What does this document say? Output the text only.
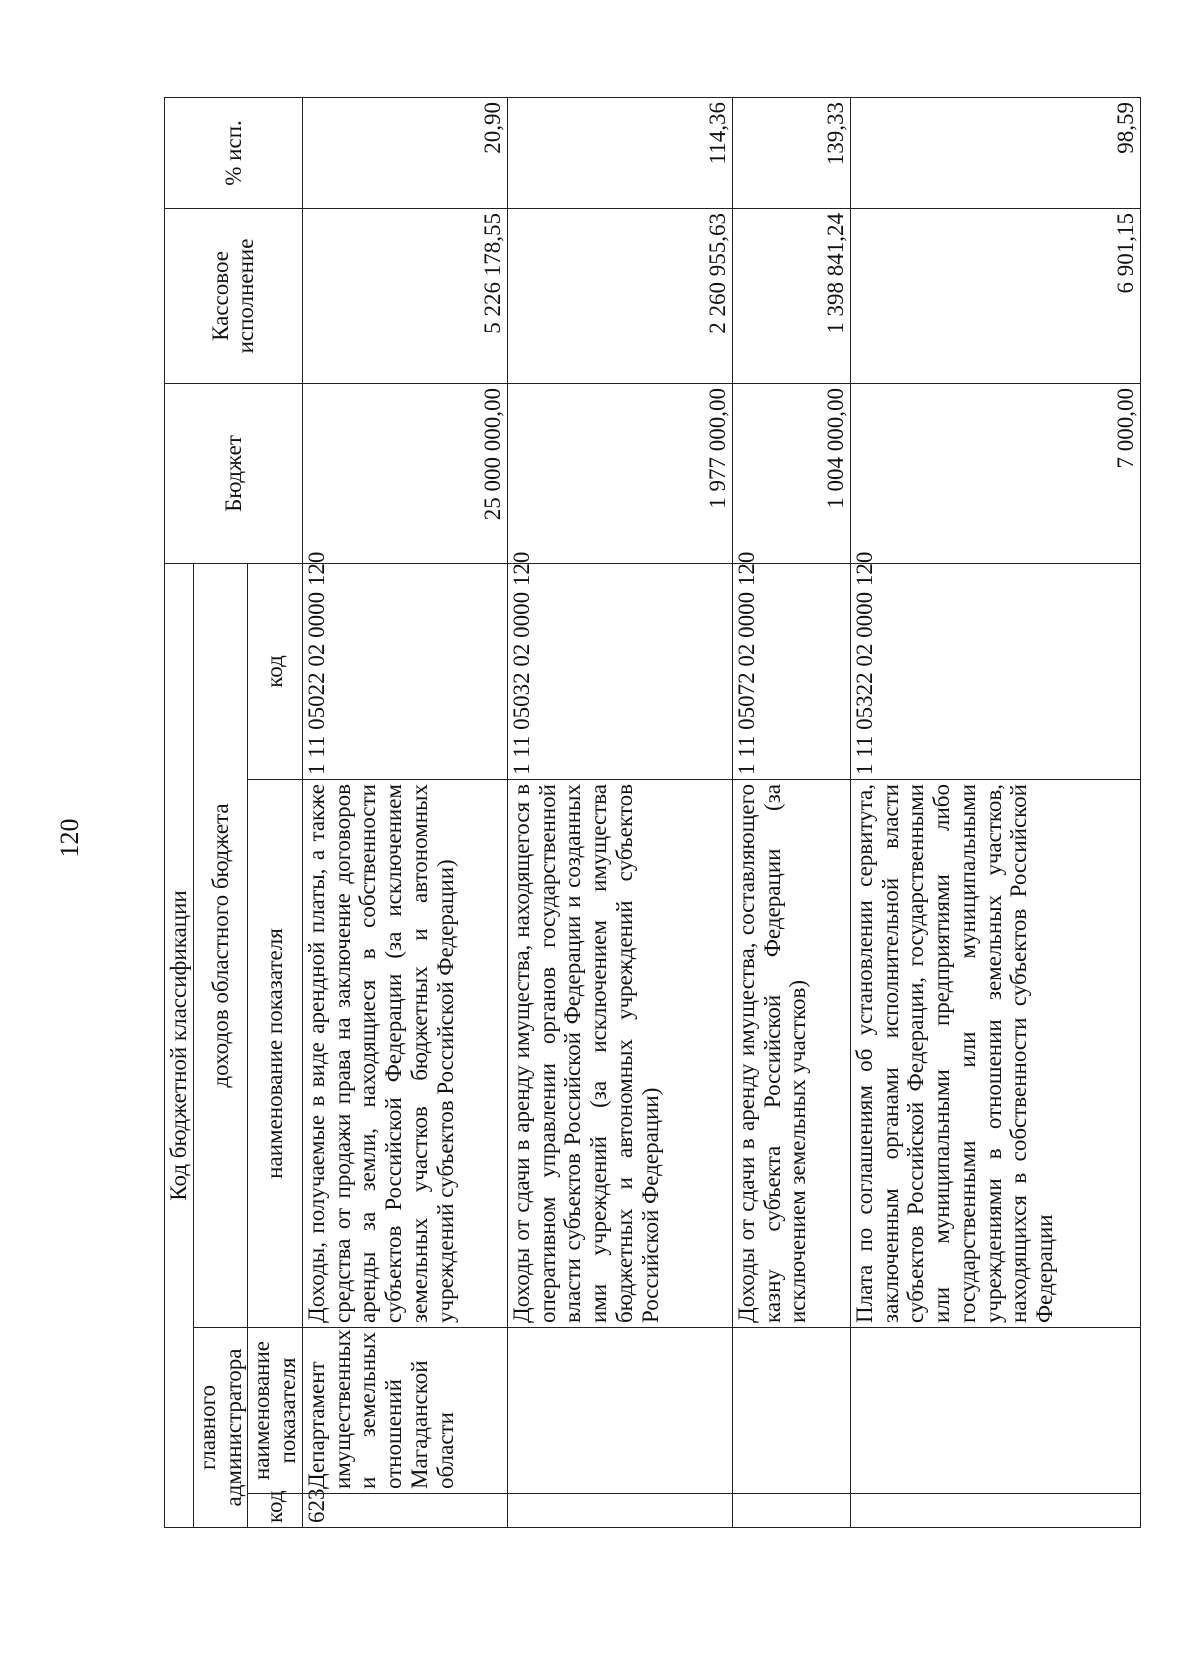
120
Код бюджетной классификации				Бюджет	Кассовое исполнение	% исп.
главного администратора		доходов областного бюджета				
код	наименование показателя	наименование показателя	код			
623	Департамент имущественных и земельных отношений Магаданской области	Доходы, получаемые в виде арендной платы, а также средства от продажи права на заключение договоров аренды за земли, находящиеся в собственности субъектов Российской Федерации (за исключением земельных участков бюджетных и автономных учреждений субъектов Российской Федерации)	1 11 05022 02 0000 120	25 000 000,00	5 226 178,55	20,90
		Доходы от сдачи в аренду имущества, находящегося в оперативном управлении органов государственной власти субъектов Российской Федерации и созданных ими учреждений (за исключением имущества бюджетных и автономных учреждений субъектов Российской Федерации)	1 11 05032 02 0000 120	1 977 000,00	2 260 955,63	114,36
		Доходы от сдачи в аренду имущества, составляющего казну субъекта Российской Федерации (за исключением земельных участков)	1 11 05072 02 0000 120	1 004 000,00	1 398 841,24	139,33
		Плата по соглашениям об установлении сервитута, заключенным органами исполнительной власти субъектов Российской Федерации, государственными или муниципальными предприятиями либо государственными или муниципальными учреждениями в отношении земельных участков, находящихся в собственности субъектов Российской Федерации	1 11 05322 02 0000 120	7 000,00	6 901,15	98,59
